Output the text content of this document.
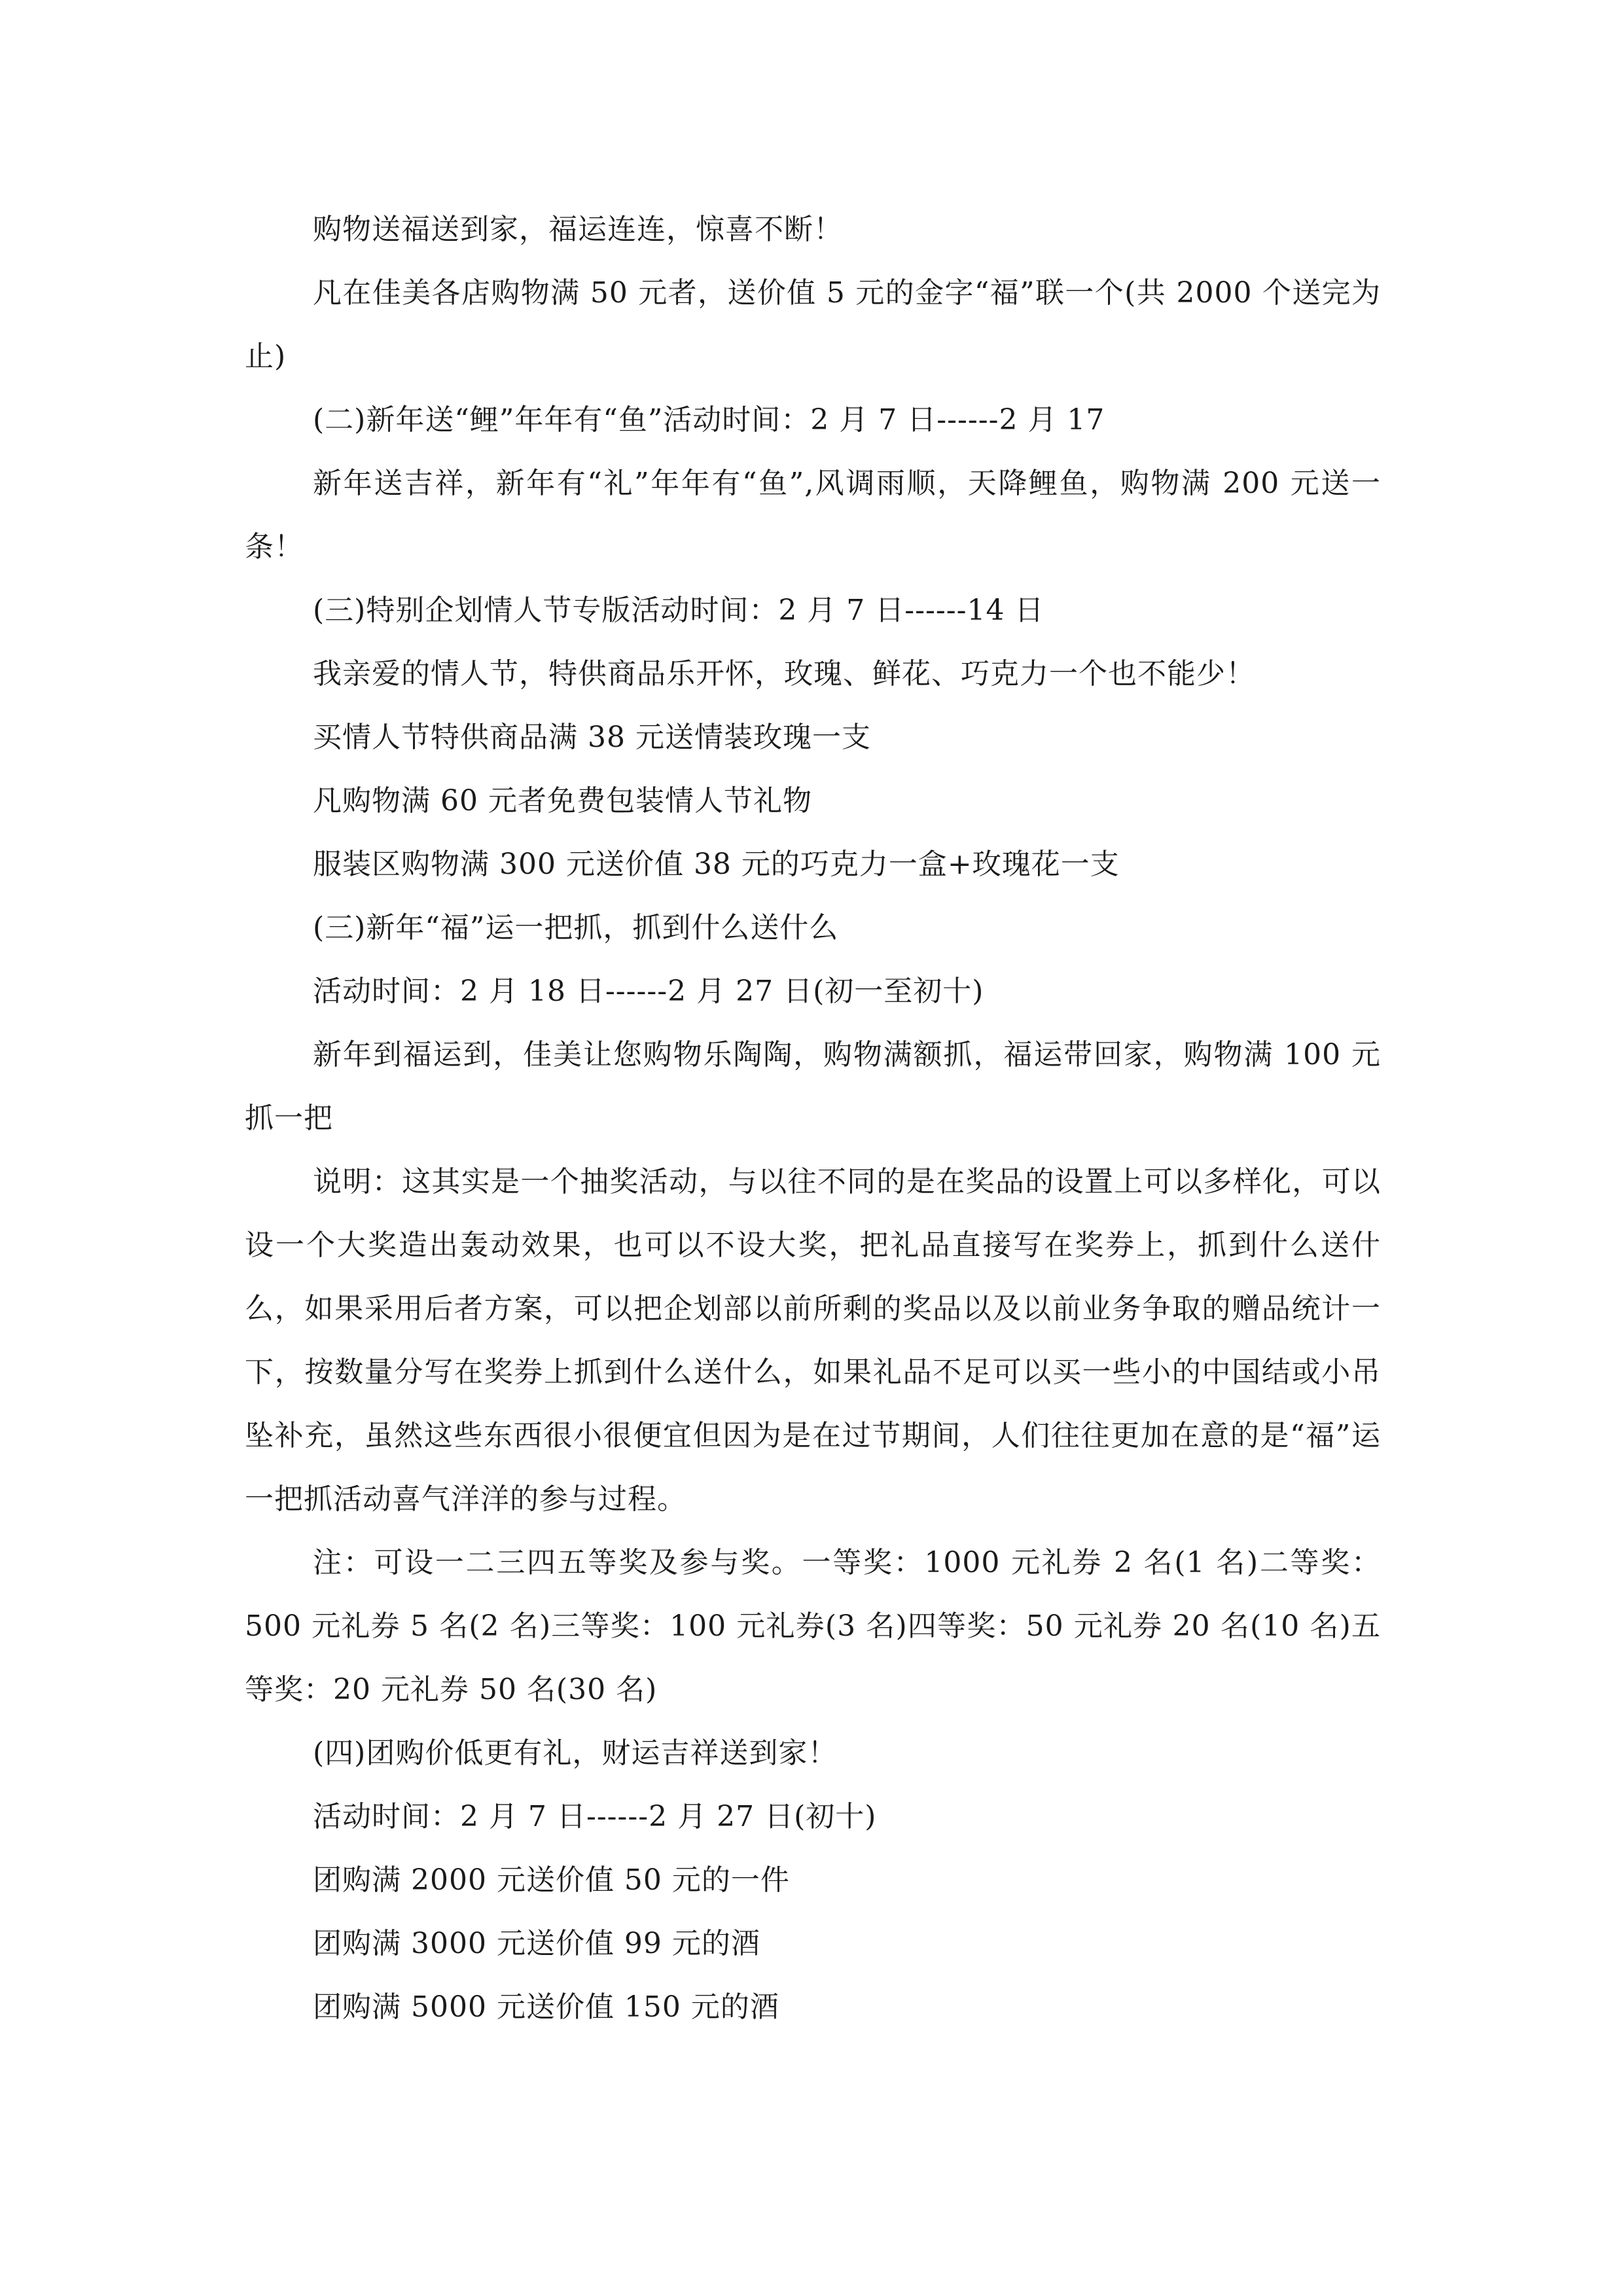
购物送福送到家，福运连连，惊喜不断！

凡在佳美各店购物满 50 元者，送价值 5 元的金字“福”联一个(共 2000 个送完为止)

(二)新年送“鲤”年年有“鱼”活动时间：2 月 7 日------2 月 17

新年送吉祥，新年有“礼”年年有“鱼”,风调雨顺，天降鲤鱼，购物满 200 元送一条！

(三)特别企划情人节专版活动时间：2 月 7 日------14 日

我亲爱的情人节，特供商品乐开怀，玫瑰、鲜花、巧克力一个也不能少！

买情人节特供商品满 38 元送情装玫瑰一支

凡购物满 60 元者免费包装情人节礼物

服装区购物满 300 元送价值 38 元的巧克力一盒+玫瑰花一支

(三)新年“福”运一把抓，抓到什么送什么

活动时间：2 月 18 日------2 月 27 日(初一至初十)

新年到福运到，佳美让您购物乐陶陶，购物满额抓，福运带回家，购物满 100 元抓一把

说明：这其实是一个抽奖活动，与以往不同的是在奖品的设置上可以多样化，可以设一个大奖造出轰动效果，也可以不设大奖，把礼品直接写在奖券上，抓到什么送什么，如果采用后者方案，可以把企划部以前所剩的奖品以及以前业务争取的赠品统计一下，按数量分写在奖券上抓到什么送什么，如果礼品不足可以买一些小的中国结或小吊坠补充，虽然这些东西很小很便宜但因为是在过节期间，人们往往更加在意的是“福”运一把抓活动喜气洋洋的参与过程。

注：可设一二三四五等奖及参与奖。一等奖：1000 元礼券 2 名(1 名)二等奖：500 元礼券 5 名(2 名)三等奖：100 元礼券(3 名)四等奖：50 元礼券 20 名(10 名)五等奖：20 元礼券 50 名(30 名)

(四)团购价低更有礼，财运吉祥送到家！

活动时间：2 月 7 日------2 月 27 日(初十)

团购满 2000 元送价值 50 元的一件

团购满 3000 元送价值 99 元的酒

团购满 5000 元送价值 150 元的酒
